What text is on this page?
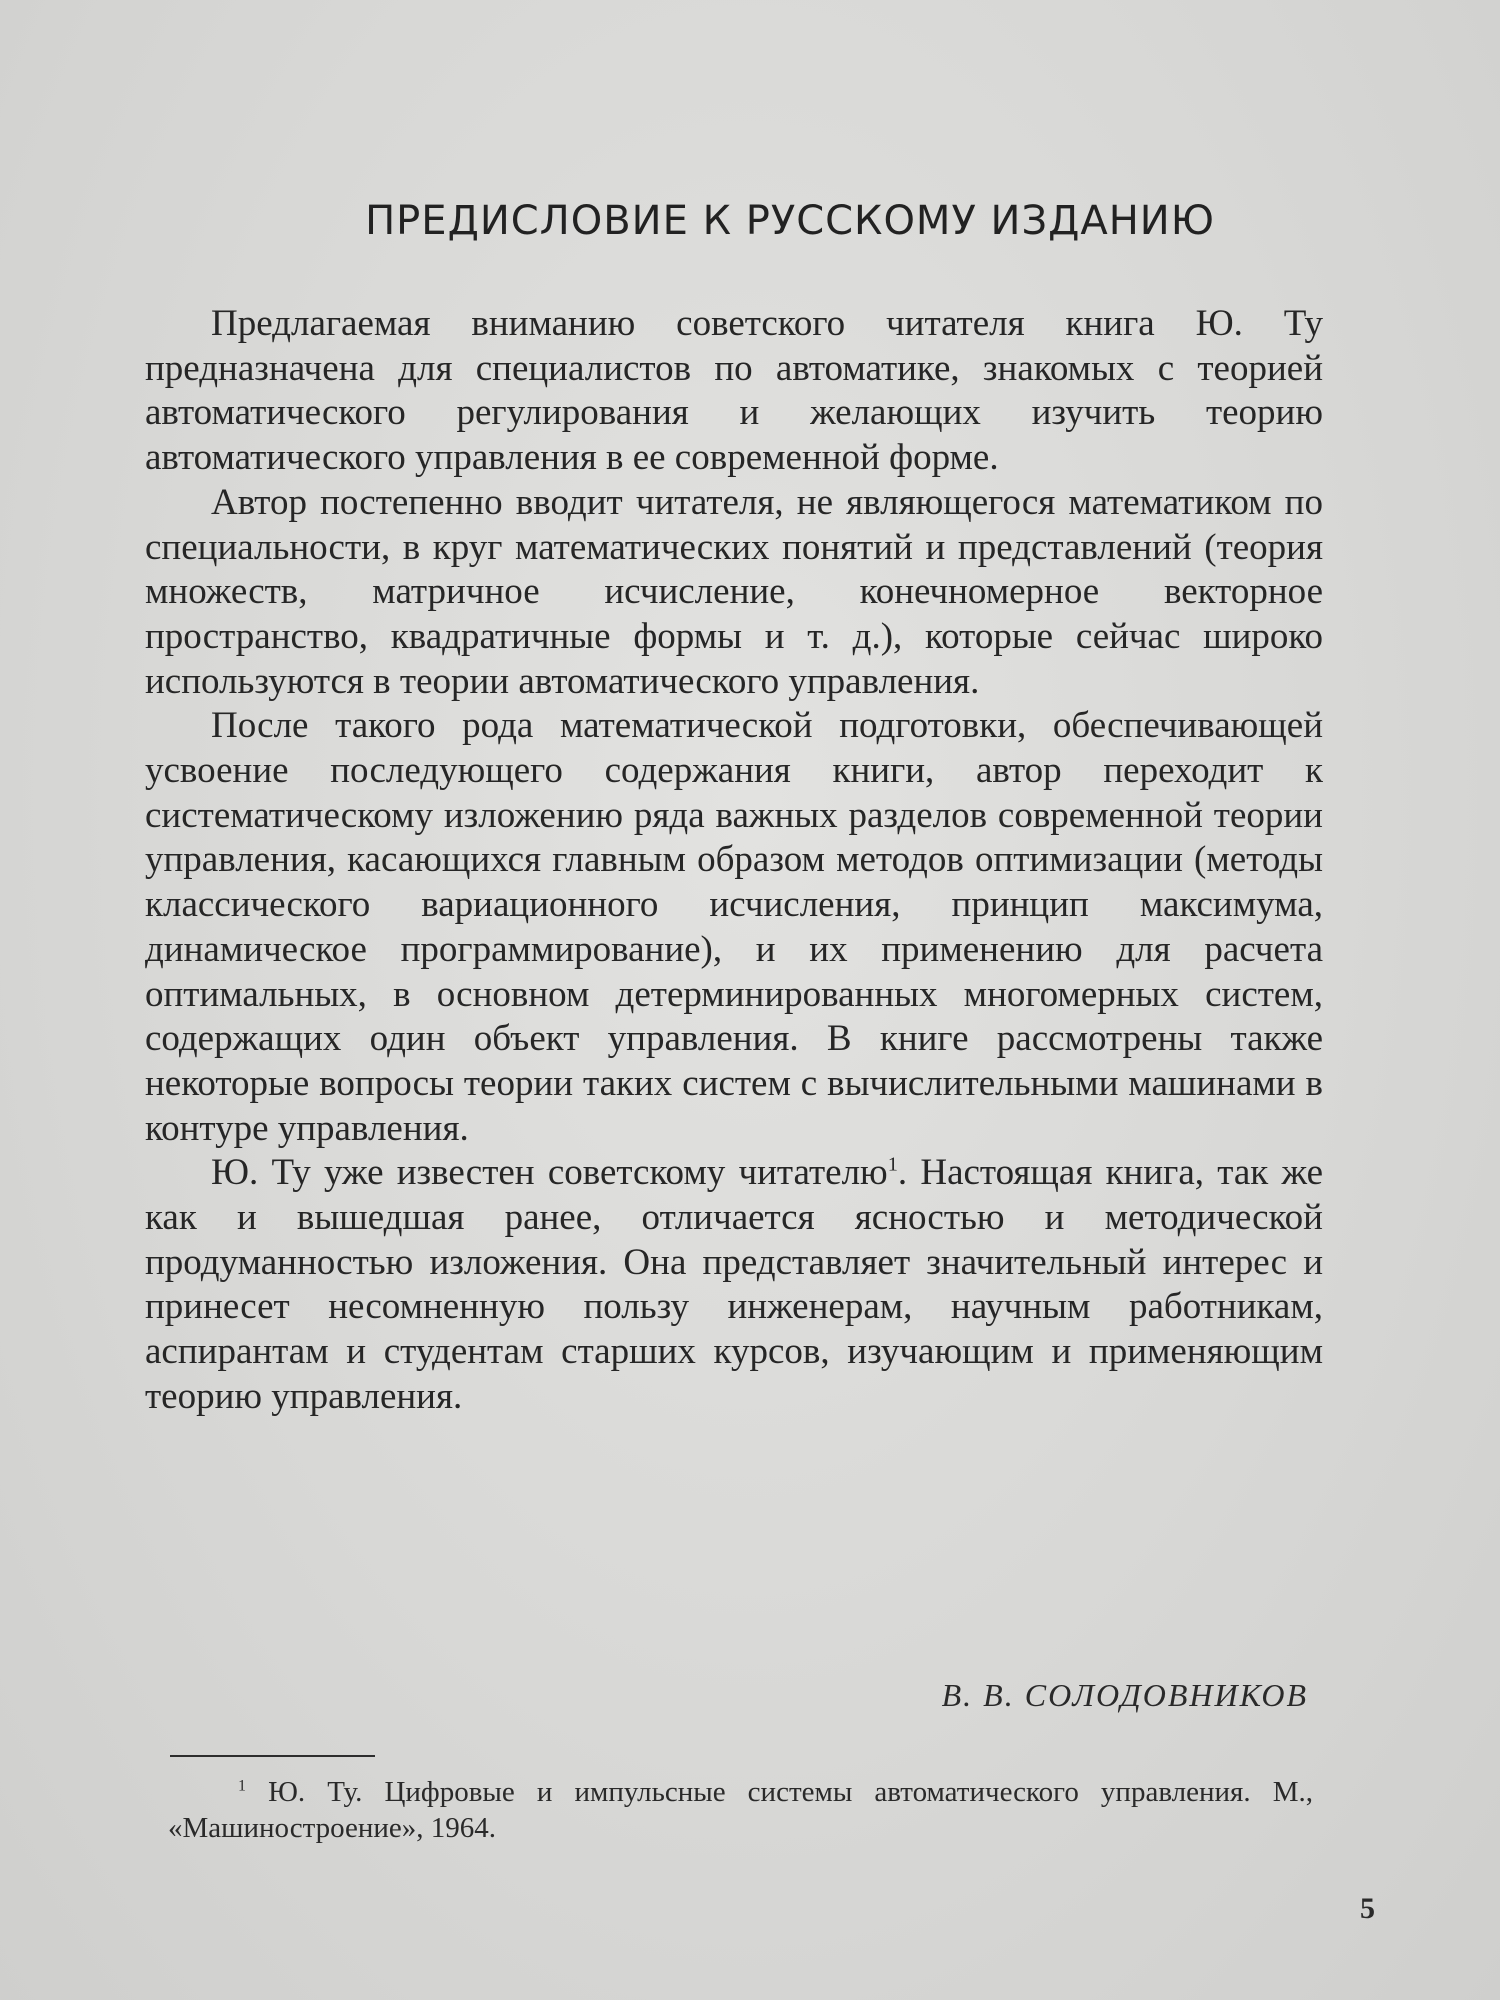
ПРЕДИСЛОВИЕ К РУССКОМУ ИЗДАНИЮ

Предлагаемая вниманию советского читателя книга Ю. Ту предназначена для специалистов по автоматике, знакомых с теорией автоматического регулирования и желающих изучить теорию автоматического управления в ее современной форме.

Автор постепенно вводит читателя, не являющегося математиком по специальности, в круг математических понятий и представлений (теория множеств, матричное исчисление, конечномерное векторное пространство, квадратичные формы и т. д.), которые сейчас широко используются в теории автоматического управления.

После такого рода математической подготовки, обеспечивающей усвоение последующего содержания книги, автор переходит к систематическому изложению ряда важных разделов современной теории управления, касающихся главным образом методов оптимизации (методы классического вариационного исчисления, принцип максимума, динамическое программирование), и их применению для расчета оптимальных, в основном детерминированных многомерных систем, содержащих один объект управления. В книге рассмотрены также некоторые вопросы теории таких систем с вычислительными машинами в контуре управления.

Ю. Ту уже известен советскому читателю$^1$. Настоящая книга, так же как и вышедшая ранее, отличается ясностью и методической продуманностью изложения. Она представляет значительный интерес и принесет несомненную пользу инженерам, научным работникам, аспирантам и студентам старших курсов, изучающим и применяющим теорию управления.

В. В. СОЛОДОВНИКОВ
$^1$ Ю. Ту. Цифровые и импульсные системы автоматического управления. М., «Машиностроение», 1964.
5
